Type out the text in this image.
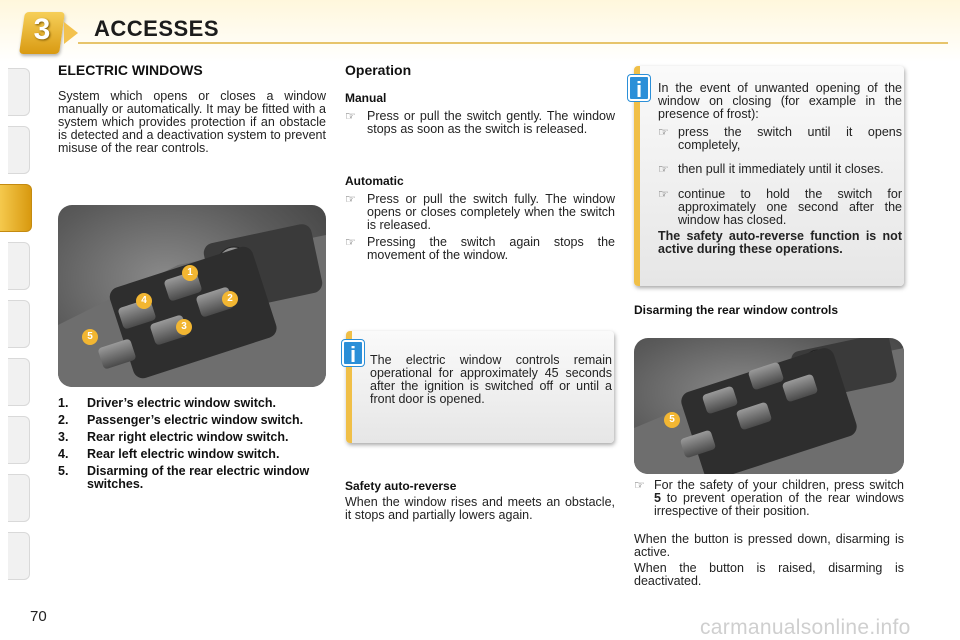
3	ACCESSES
ELECTRIC WINDOWS
System which opens or closes a window manually or automatically. It may be fitted with a system which provides protection if an obstacle is detected and a deactivation system to prevent misuse of the rear controls.
1
2
3
4
5
1. Driver’s electric window switch.
2. Passenger’s electric window switch.
3. Rear right electric window switch.
4. Rear left electric window switch.
5. Disarming of the rear electric window switches.
Operation
Manual
☞ Press or pull the switch gently. The window stops as soon as the switch is released.
Automatic
☞ Press or pull the switch fully. The window opens or closes completely when the switch is released.
☞ Pressing the switch again stops the movement of the window.
The electric window controls remain operational for approximately 45 seconds after the ignition is switched off or until a front door is opened.
i
Safety auto-reverse
When the window rises and meets an obstacle, it stops and partially lowers again.
In the event of unwanted opening of the window on closing (for example in the presence of frost):
☞ press the switch until it opens completely,
☞ then pull it immediately until it closes.
☞ continue to hold the switch for approximately one second after the window has closed.
The safety auto-reverse function is not active during these operations.
i
Disarming the rear window controls
5
☞ For the safety of your children, press switch 5 to prevent operation of the rear windows irrespective of their position.
When the button is pressed down, disarming is active.
When the button is raised, disarming is deactivated.
70	carmanualsonline.info
